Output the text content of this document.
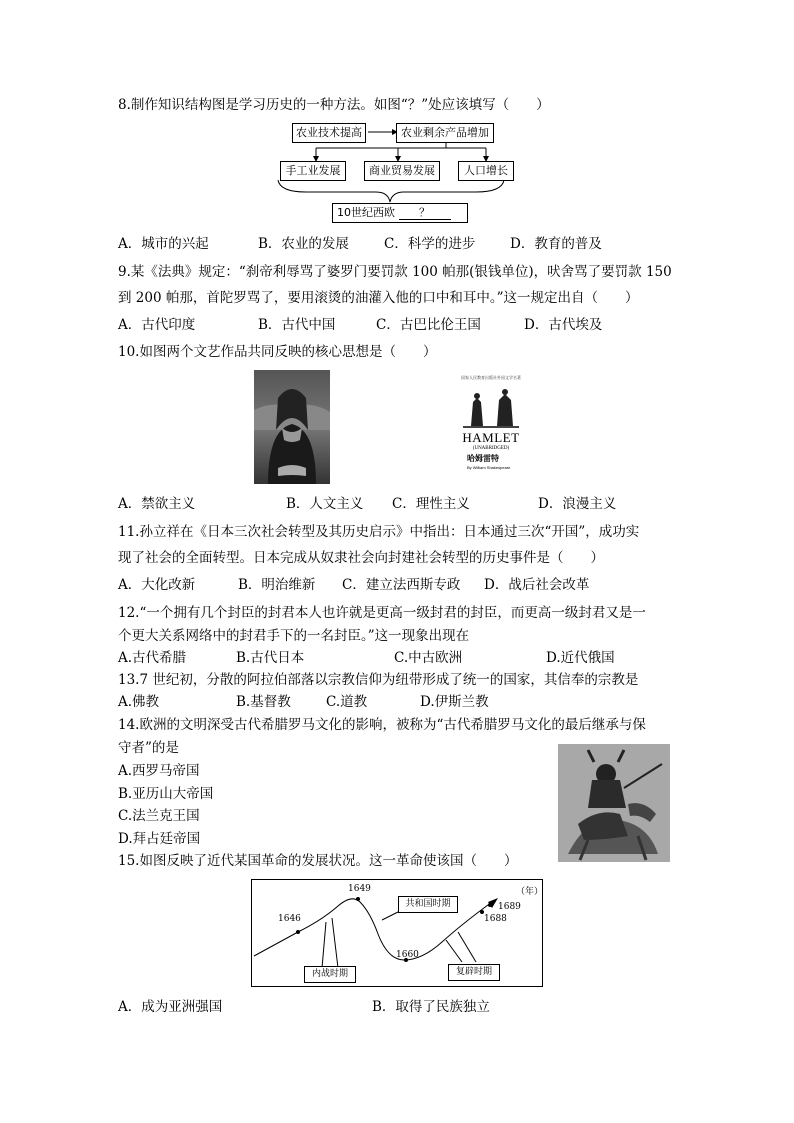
8.制作知识结构图是学习历史的一种方法。如图“？”处应该填写（　　）
农业技术提高	农业剩余产品增加
手工业发展	商业贸易发展	人口增长
10世纪西欧 ？
A．城市的兴起	B．农业的发展	C．科学的进步	D．教育的普及
9.某《法典》规定：“刹帝利辱骂了婆罗门要罚款 100 帕那(银钱单位)，吠舍骂了要罚款 150
到 200 帕那，首陀罗骂了，要用滚烫的油灌入他的口中和耳中。”这一规定出自（　　）
A．古代印度	B．古代中国	C．古巴比伦王国	D．古代埃及
10.如图两个文艺作品共同反映的核心思想是（　　）
国家人民教育出版社外国文学名著
HAMLET
(UNABRIDGED)
哈姆雷特
By William Shakespeare
A．禁欲主义	B．人文主义 C．理性主义	D．浪漫主义
11.孙立祥在《日本三次社会转型及其历史启示》中指出：日本通过三次“开国”，成功实
现了社会的全面转型。日本完成从奴隶社会向封建社会转型的历史事件是（　　）
A．大化改新	B．明治维新 C．建立法西斯专政 D．战后社会改革
12.“一个拥有几个封臣的封君本人也许就是更高一级封君的封臣，而更高一级封君又是一
个更大关系网络中的封君手下的一名封臣。”这一现象出现在
A.古代希腊	B.古代日本	C.中古欧洲	D.近代俄国
13.7 世纪初，分散的阿拉伯部落以宗教信仰为纽带形成了统一的国家，其信奉的宗教是
A.佛教	B.基督教	C.道教	D.伊斯兰教
14.欧洲的文明深受古代希腊罗马文化的影响，被称为“古代希腊罗马文化的最后继承与保
守者”的是
A.西罗马帝国
B.亚历山大帝国
C.法兰克王国
D.拜占廷帝国
15.如图反映了近代某国革命的发展状况。这一革命使该国（　　）
（年）
1646
1649
1660
1688
1689
共和国时期
内战时期	复辟时期
A．成为亚洲强国	B．取得了民族独立
